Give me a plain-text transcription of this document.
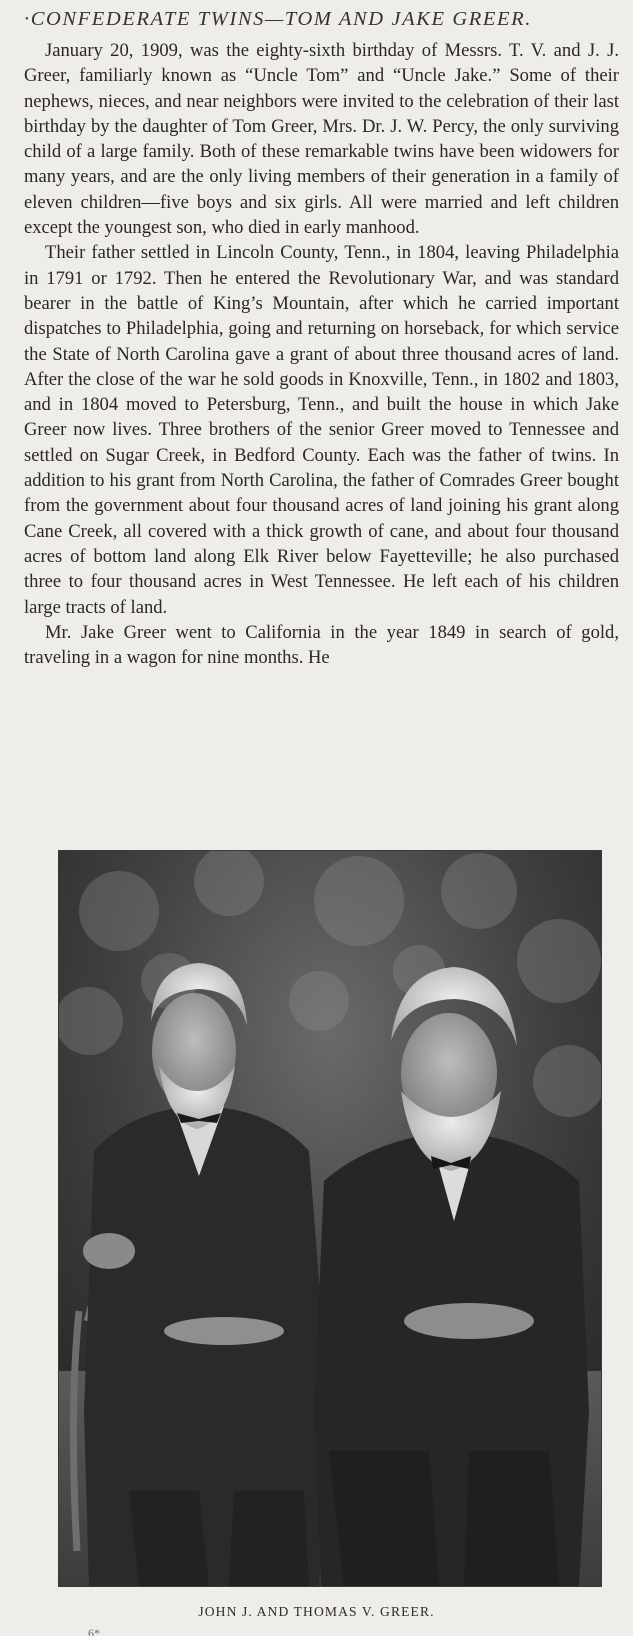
·CONFEDERATE TWINS—TOM AND JAKE GREER.

January 20, 1909, was the eighty-sixth birthday of Messrs. T. V. and J. J. Greer, familiarly known as “Uncle Tom” and “Uncle Jake.” Some of their nephews, nieces, and near neighbors were invited to the celebration of their last birthday by the daughter of Tom Greer, Mrs. Dr. J. W. Percy, the only surviving child of a large family. Both of these remarkable twins have been widowers for many years, and are the only living members of their generation in a family of eleven children—five boys and six girls. All were married and left children except the youngest son, who died in early manhood.

Their father settled in Lincoln County, Tenn., in 1804, leaving Philadelphia in 1791 or 1792. Then he entered the Revolutionary War, and was standard bearer in the battle of King’s Mountain, after which he carried important dispatches to Philadelphia, going and returning on horseback, for which service the State of North Carolina gave a grant of about three thousand acres of land. After the close of the war he sold goods in Knoxville, Tenn., in 1802 and 1803, and in 1804 moved to Petersburg, Tenn., and built the house in which Jake Greer now lives. Three brothers of the senior Greer moved to Tennessee and settled on Sugar Creek, in Bedford County. Each was the father of twins. In addition to his grant from North Carolina, the father of Comrades Greer bought from the government about four thousand acres of land joining his grant along Cane Creek, all covered with a thick growth of cane, and about four thousand acres of bottom land along Elk River below Fayetteville; he also purchased three to four thousand acres in West Tennessee. He left each of his children large tracts of land.

Mr. Jake Greer went to California in the year 1849 in search of gold, traveling in a wagon for nine months. He

JOHN J. AND THOMAS V. GREER.
6*
